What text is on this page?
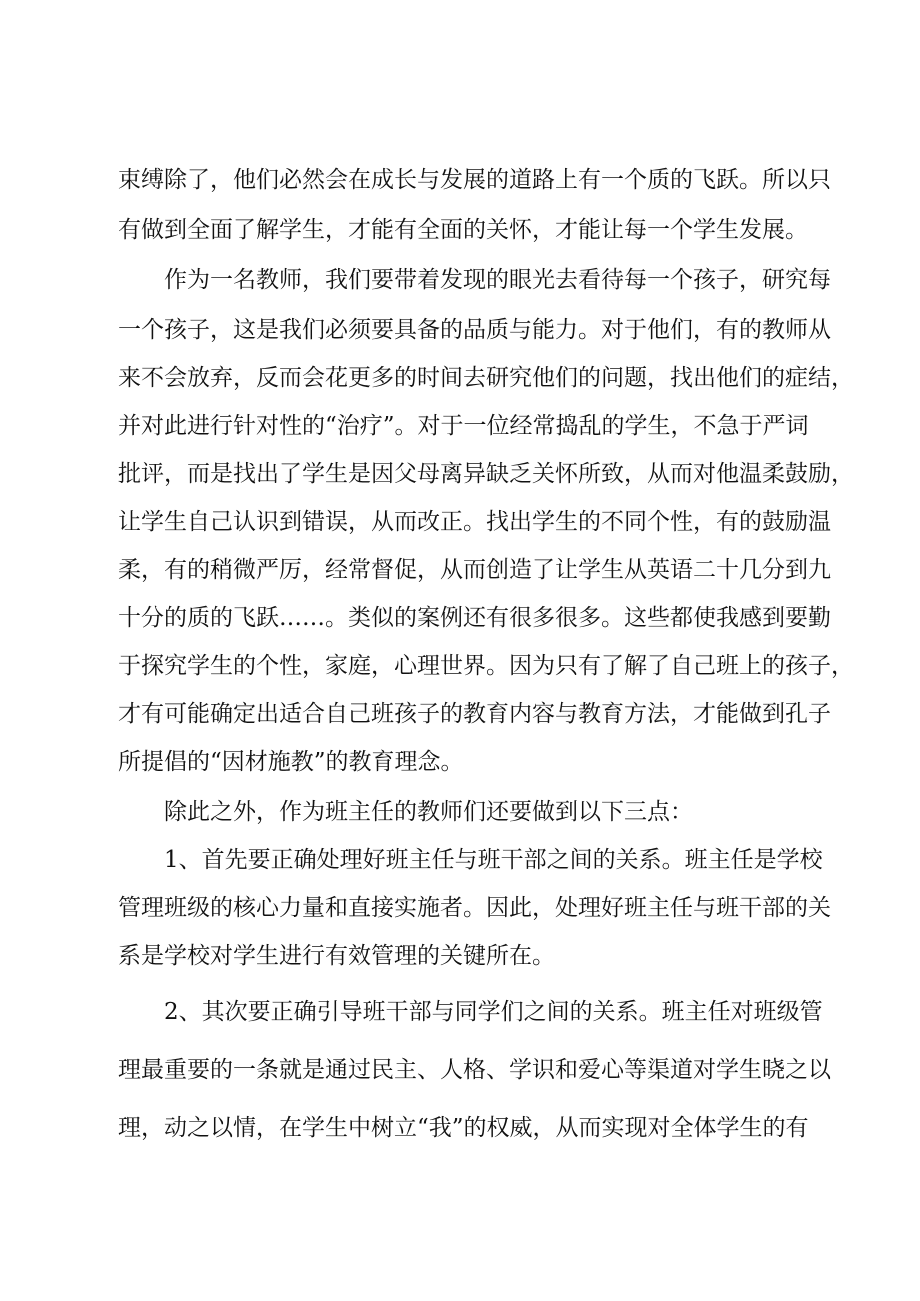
束缚除了，他们必然会在成长与发展的道路上有一个质的飞跃。所以只
有做到全面了解学生，才能有全面的关怀，才能让每一个学生发展。
作为一名教师，我们要带着发现的眼光去看待每一个孩子，研究每
一个孩子，这是我们必须要具备的品质与能力。对于他们，有的教师从
来不会放弃，反而会花更多的时间去研究他们的问题，找出他们的症结，
并对此进行针对性的“治疗”。对于一位经常捣乱的学生，不急于严词
批评，而是找出了学生是因父母离异缺乏关怀所致，从而对他温柔鼓励，
让学生自己认识到错误，从而改正。找出学生的不同个性，有的鼓励温
柔，有的稍微严厉，经常督促，从而创造了让学生从英语二十几分到九
十分的质的飞跃……。类似的案例还有很多很多。这些都使我感到要勤
于探究学生的个性，家庭，心理世界。因为只有了解了自己班上的孩子，
才有可能确定出适合自己班孩子的教育内容与教育方法，才能做到孔子
所提倡的“因材施教”的教育理念。
除此之外，作为班主任的教师们还要做到以下三点：
1、首先要正确处理好班主任与班干部之间的关系。班主任是学校
管理班级的核心力量和直接实施者。因此，处理好班主任与班干部的关
系是学校对学生进行有效管理的关键所在。
2、其次要正确引导班干部与同学们之间的关系。班主任对班级管
理最重要的一条就是通过民主、人格、学识和爱心等渠道对学生晓之以
理，动之以情，在学生中树立“我”的权威，从而实现对全体学生的有
